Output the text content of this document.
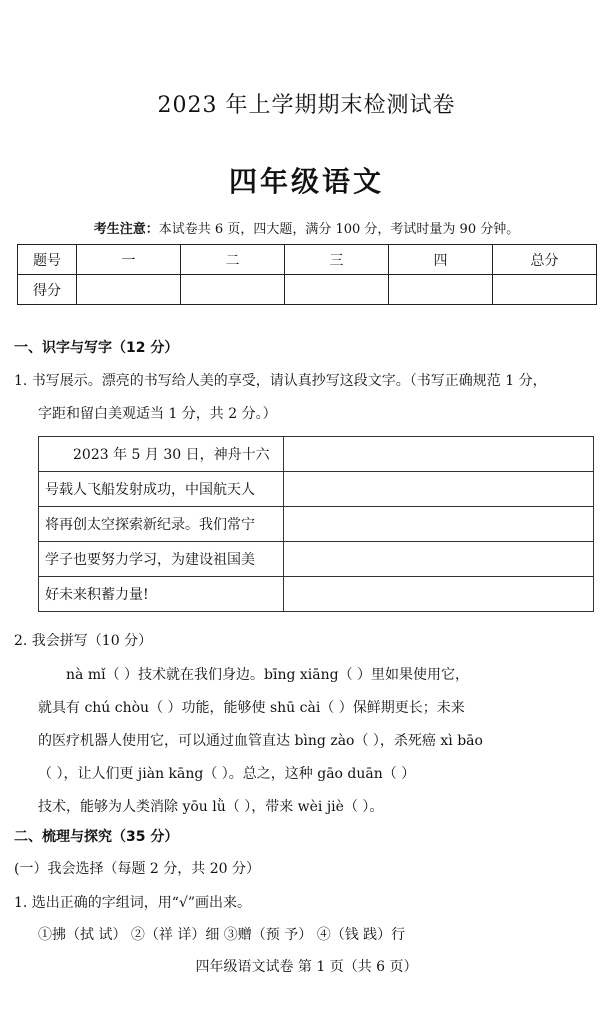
2023 年上学期期末检测试卷
四年级语文
考生注意：本试卷共 6 页，四大题，满分 100 分，考试时量为 90 分钟。
题号	一	二	三	四	总分
得分					
一、识字与写字（12 分）
1. 书写展示。漂亮的书写给人美的享受，请认真抄写这段文字。（书写正确规范 1 分，
字距和留白美观适当 1 分，共 2 分。）
2023 年 5 月 30 日，神舟十六	
号载人飞船发射成功，中国航天人	
将再创太空探索新纪录。我们常宁	
学子也要努力学习，为建设祖国美	
好未来积蓄力量!	
2. 我会拼写（10 分）
nà mǐ（ ）技术就在我们身边。bīng xiāng（ ）里如果使用它，
就具有 chú chòu（ ）功能，能够使 shū cài（ ）保鲜期更长；未来
的医疗机器人使用它，可以通过血管直达 bìng zào（ ），杀死癌 xì bāo
（ ），让人们更 jiàn kāng（ ）。总之，这种 gāo duān（ ）
技术，能够为人类消除 yōu lǜ（ ），带来 wèi jiè（ ）。
二、梳理与探究（35 分）
(一）我会选择（每题 2 分，共 20 分）
1. 选出正确的字组词，用“√”画出来。
①拂（拭 试） ②（祥 详）细 ③赠（预 予） ④（钱 践）行
四年级语文试卷 第 1 页（共 6 页）
